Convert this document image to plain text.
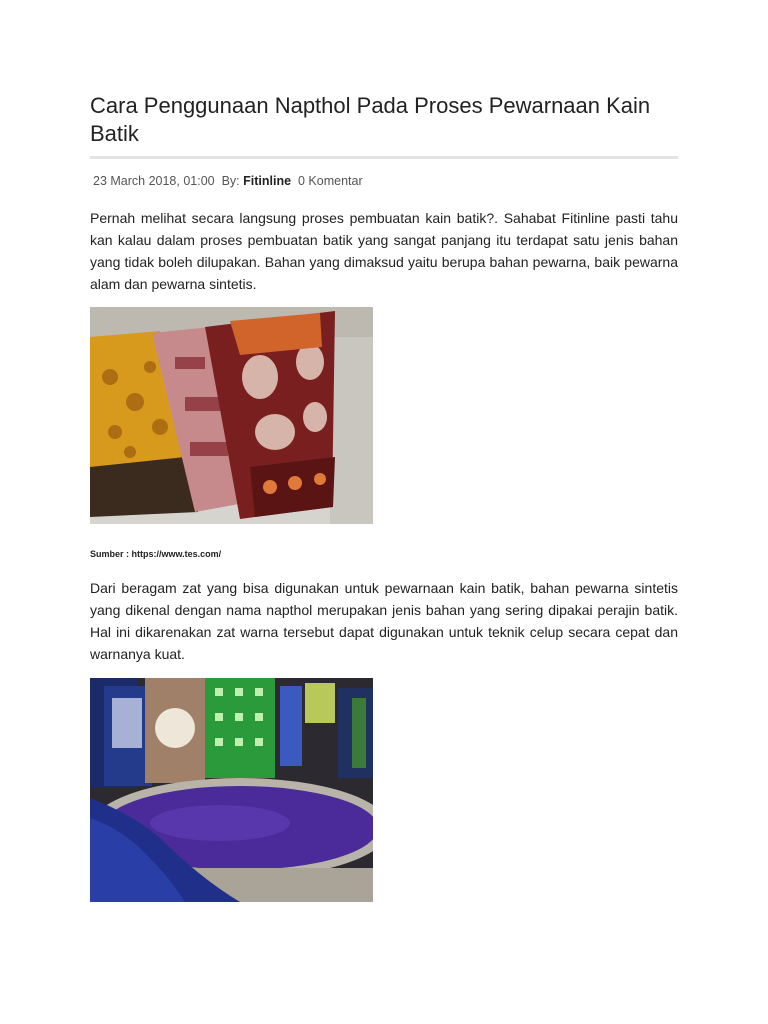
Cara Penggunaan Napthol Pada Proses Pewarnaan Kain Batik
23 March 2018, 01:00 By: Fitinline 0 Komentar

Pernah melihat secara langsung proses pembuatan kain batik?. Sahabat Fitinline pasti tahu kan kalau dalam proses pembuatan batik yang sangat panjang itu terdapat satu jenis bahan yang tidak boleh dilupakan. Bahan yang dimaksud yaitu berupa bahan pewarna, baik pewarna alam dan pewarna sintetis.

Sumber : https://www.tes.com/

Dari beragam zat yang bisa digunakan untuk pewarnaan kain batik, bahan pewarna sintetis yang dikenal dengan nama napthol merupakan jenis bahan yang sering dipakai perajin batik. Hal ini dikarenakan zat warna tersebut dapat digunakan untuk teknik celup secara cepat dan warnanya kuat.
